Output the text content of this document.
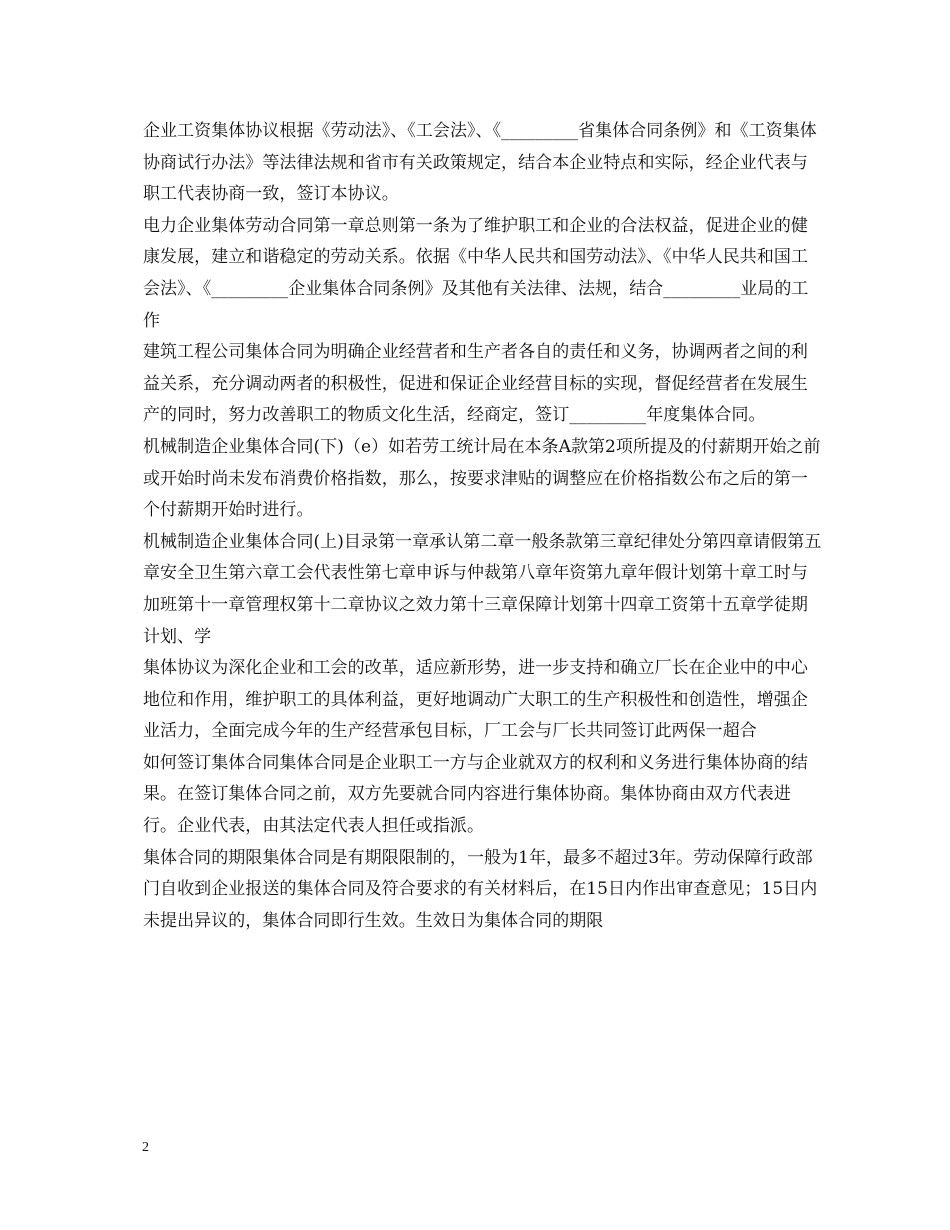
企业工资集体协议根据《劳动法》、《工会法》、《_________省集体合同条例》和《工资集体协商试行办法》等法律法规和省市有关政策规定，结合本企业特点和实际，经企业代表与职工代表协商一致，签订本协议。

电力企业集体劳动合同第一章总则第一条为了维护职工和企业的合法权益，促进企业的健康发展，建立和谐稳定的劳动关系。依据《中华人民共和国劳动法》、《中华人民共和国工会法》、《_________企业集体合同条例》及其他有关法律、法规，结合_________业局的工作

建筑工程公司集体合同为明确企业经营者和生产者各自的责任和义务，协调两者之间的利益关系，充分调动两者的积极性，促进和保证企业经营目标的实现，督促经营者在发展生产的同时，努力改善职工的物质文化生活，经商定，签订_________年度集体合同。

机械制造企业集体合同(下)（e）如若劳工统计局在本条A款第2项所提及的付薪期开始之前或开始时尚未发布消费价格指数，那么，按要求津贴的调整应在价格指数公布之后的第一个付薪期开始时进行。

机械制造企业集体合同(上)目录第一章承认第二章一般条款第三章纪律处分第四章请假第五章安全卫生第六章工会代表性第七章申诉与仲裁第八章年资第九章年假计划第十章工时与加班第十一章管理权第十二章协议之效力第十三章保障计划第十四章工资第十五章学徒期计划、学

集体协议为深化企业和工会的改革，适应新形势，进一步支持和确立厂长在企业中的中心地位和作用，维护职工的具体利益，更好地调动广大职工的生产积极性和创造性，增强企业活力，全面完成今年的生产经营承包目标，厂工会与厂长共同签订此两保一超合

如何签订集体合同集体合同是企业职工一方与企业就双方的权利和义务进行集体协商的结果。在签订集体合同之前，双方先要就合同内容进行集体协商。集体协商由双方代表进行。企业代表，由其法定代表人担任或指派。

集体合同的期限集体合同是有期限限制的，一般为1年，最多不超过3年。劳动保障行政部门自收到企业报送的集体合同及符合要求的有关材料后，在15日内作出审查意见；15日内未提出异议的，集体合同即行生效。生效日为集体合同的期限

2
